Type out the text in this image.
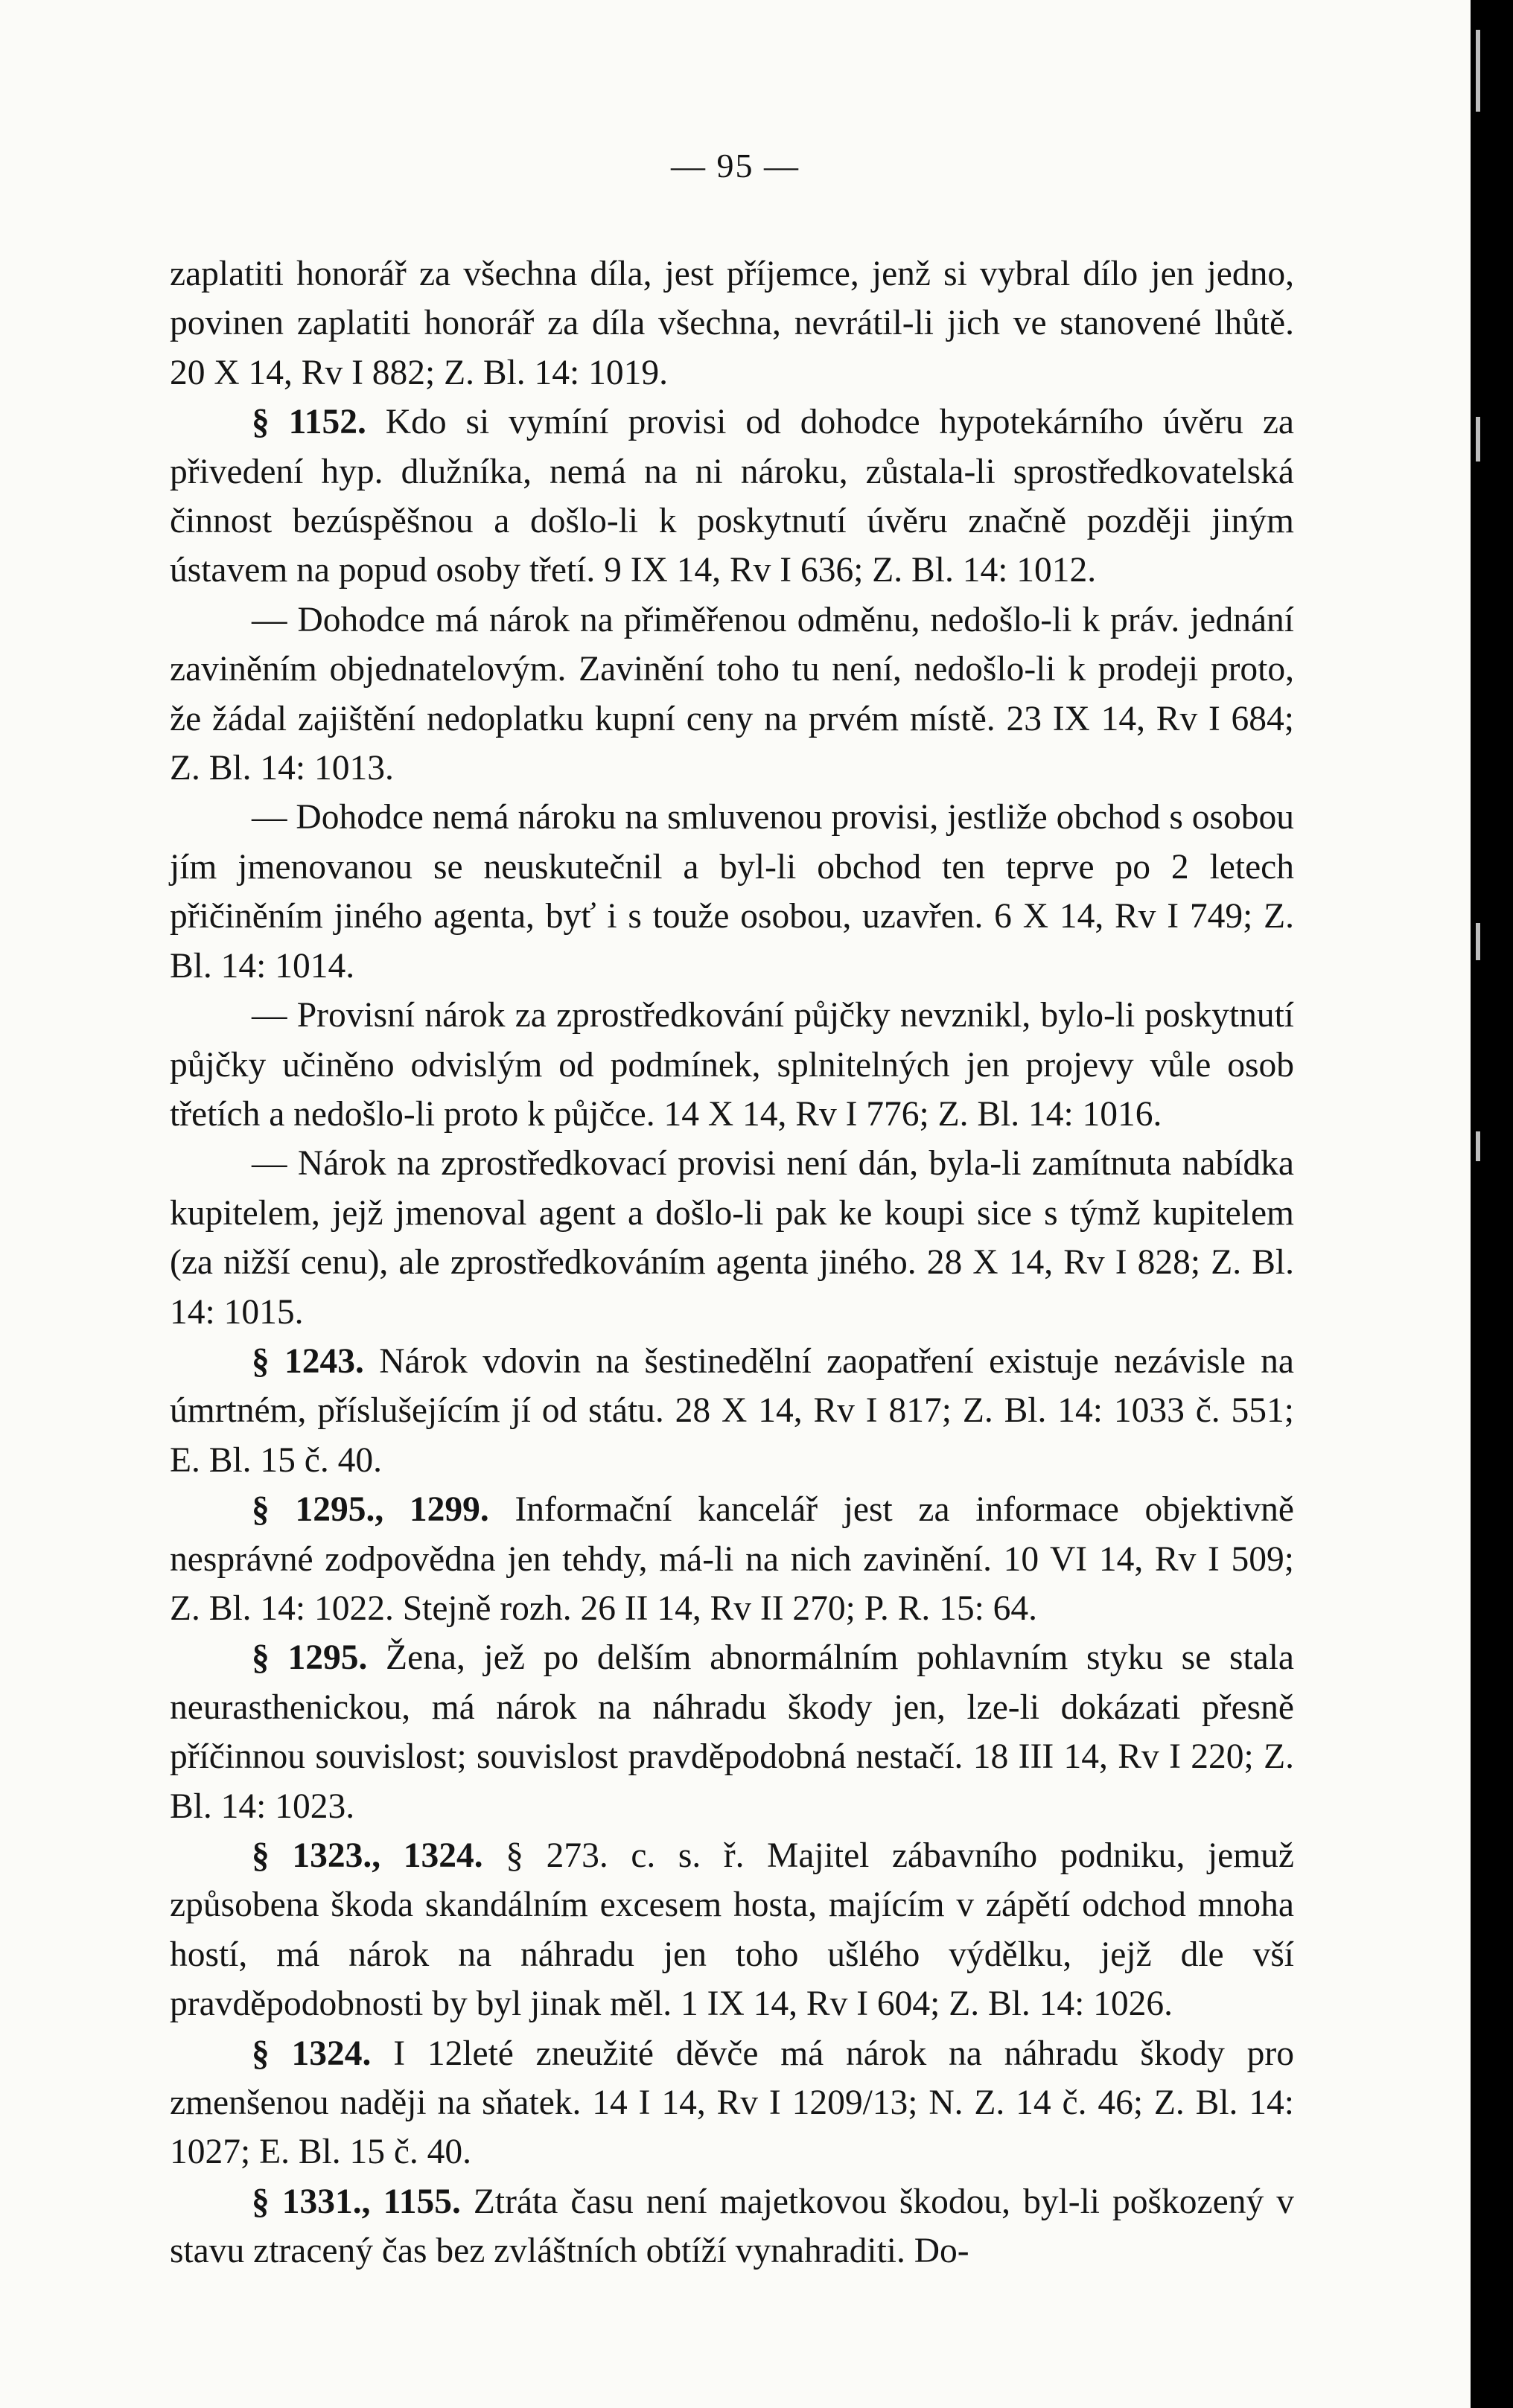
— 95 —

zaplatiti honorář za všechna díla, jest příjemce, jenž si vybral dílo jen jedno, povinen zaplatiti honorář za díla všechna, nevrátil-li jich ve stanovené lhůtě. 20 X 14, Rv I 882; Z. Bl. 14: 1019.

§ 1152. Kdo si vymíní provisi od dohodce hypotekárního úvěru za přivedení hyp. dlužníka, nemá na ni nároku, zůstala-li sprostředkovatelská činnost bezúspěšnou a došlo-li k poskytnutí úvěru značně později jiným ústavem na popud osoby třetí. 9 IX 14, Rv I 636; Z. Bl. 14: 1012.

— Dohodce má nárok na přiměřenou odměnu, nedošlo-li k práv. jednání zaviněním objednatelovým. Zavinění toho tu není, nedošlo-li k prodeji proto, že žádal zajištění nedoplatku kupní ceny na prvém místě. 23 IX 14, Rv I 684; Z. Bl. 14: 1013.

— Dohodce nemá nároku na smluvenou provisi, jestliže obchod s osobou jím jmenovanou se neuskutečnil a byl-li obchod ten teprve po 2 letech přičiněním jiného agenta, byť i s touže osobou, uzavřen. 6 X 14, Rv I 749; Z. Bl. 14: 1014.

— Provisní nárok za zprostředkování půjčky nevznikl, bylo-li poskytnutí půjčky učiněno odvislým od podmínek, splnitelných jen projevy vůle osob třetích a nedošlo-li proto k půjčce. 14 X 14, Rv I 776; Z. Bl. 14: 1016.

— Nárok na zprostředkovací provisi není dán, byla-li zamítnuta nabídka kupitelem, jejž jmenoval agent a došlo-li pak ke koupi sice s týmž kupitelem (za nižší cenu), ale zprostředkováním agenta jiného. 28 X 14, Rv I 828; Z. Bl. 14: 1015.

§ 1243. Nárok vdovin na šestinedělní zaopatření existuje nezávisle na úmrtném, příslušejícím jí od státu. 28 X 14, Rv I 817; Z. Bl. 14: 1033 č. 551; E. Bl. 15 č. 40.

§ 1295., 1299. Informační kancelář jest za informace objektivně nesprávné zodpovědna jen tehdy, má-li na nich zavinění. 10 VI 14, Rv I 509; Z. Bl. 14: 1022. Stejně rozh. 26 II 14, Rv II 270; P. R. 15: 64.

§ 1295. Žena, jež po delším abnormálním pohlavním styku se stala neurasthenickou, má nárok na náhradu škody jen, lze-li dokázati přesně příčinnou souvislost; souvislost pravděpodobná nestačí. 18 III 14, Rv I 220; Z. Bl. 14: 1023.

§ 1323., 1324. § 273. c. s. ř. Majitel zábavního podniku, jemuž způsobena škoda skandálním excesem hosta, majícím v zápětí odchod mnoha hostí, má nárok na náhradu jen toho ušlého výdělku, jejž dle vší pravděpodobnosti by byl jinak měl. 1 IX 14, Rv I 604; Z. Bl. 14: 1026.

§ 1324. I 12leté zneužité děvče má nárok na náhradu škody pro zmenšenou naději na sňatek. 14 I 14, Rv I 1209/13; N. Z. 14 č. 46; Z. Bl. 14: 1027; E. Bl. 15 č. 40.

§ 1331., 1155. Ztráta času není majetkovou škodou, byl-li poškozený v stavu ztracený čas bez zvláštních obtíží vynahraditi. Do-
